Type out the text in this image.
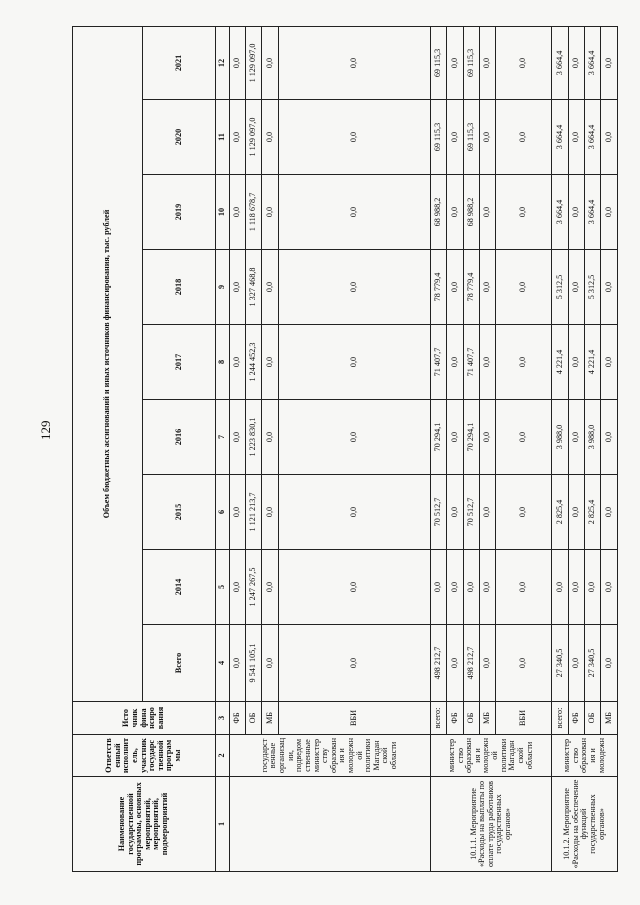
129
Наименование государственной программы, основных мероприятий, мероприятий, подмероприятий	Ответств енный исполнит ель, участник государс твенной програм мы	Исто чник фина нсиро вания	Объем бюджетных ассигнований и иных источников финансирования, тыс. рублей								
			Всего	2014	2015	2016	2017	2018	2019	2020	2021
1	2	3	4	5	6	7	8	9	10	11	12
	государст венные организац ии, подведом ственные министер ству образован ия и молодежн ой политики Магадан ской области	ФБ	0,0	0,0	0,0	0,0	0,0	0,0	0,0	0,0	0,0
		ОБ	9 541 105,1	1 247 267,5	1 121 213,7	1 223 830,1	1 244 452,3	1 327 468,8	1 118 678,7	1 129 097,0	1 129 097,0
		МБ	0,0	0,0	0,0	0,0	0,0	0,0	0,0	0,0	0,0
		ВБИ	0,0	0,0	0,0	0,0	0,0	0,0	0,0	0,0	0,0
10.1.1. Мероприятие «Расходы на выплаты по оплате труда работников государственных органов»	министер ство образован ия и молодежн ой политики Магадан ской области	всего:	498 212,7	0,0	70 512,7	70 294,1	71 407,7	78 779,4	68 988,2	69 115,3	69 115,3
		ФБ	0,0	0,0	0,0	0,0	0,0	0,0	0,0	0,0	0,0
		ОБ	498 212,7	0,0	70 512,7	70 294,1	71 407,7	78 779,4	68 988,2	69 115,3	69 115,3
		МБ	0,0	0,0	0,0	0,0	0,0	0,0	0,0	0,0	0,0
		ВБИ	0,0	0,0	0,0	0,0	0,0	0,0	0,0	0,0	0,0
10.1.2. Мероприятие «Расходы на обеспечение функций государственных органов»	министер ство образован ия и молодежн	всего:	27 340,5	0,0	2 825,4	3 988,0	4 221,4	5 312,5	3 664,4	3 664,4	3 664,4
		ФБ	0,0	0,0	0,0	0,0	0,0	0,0	0,0	0,0	0,0
		ОБ	27 340,5	0,0	2 825,4	3 988,0	4 221,4	5 312,5	3 664,4	3 664,4	3 664,4
		МБ	0,0	0,0	0,0	0,0	0,0	0,0	0,0	0,0	0,0
